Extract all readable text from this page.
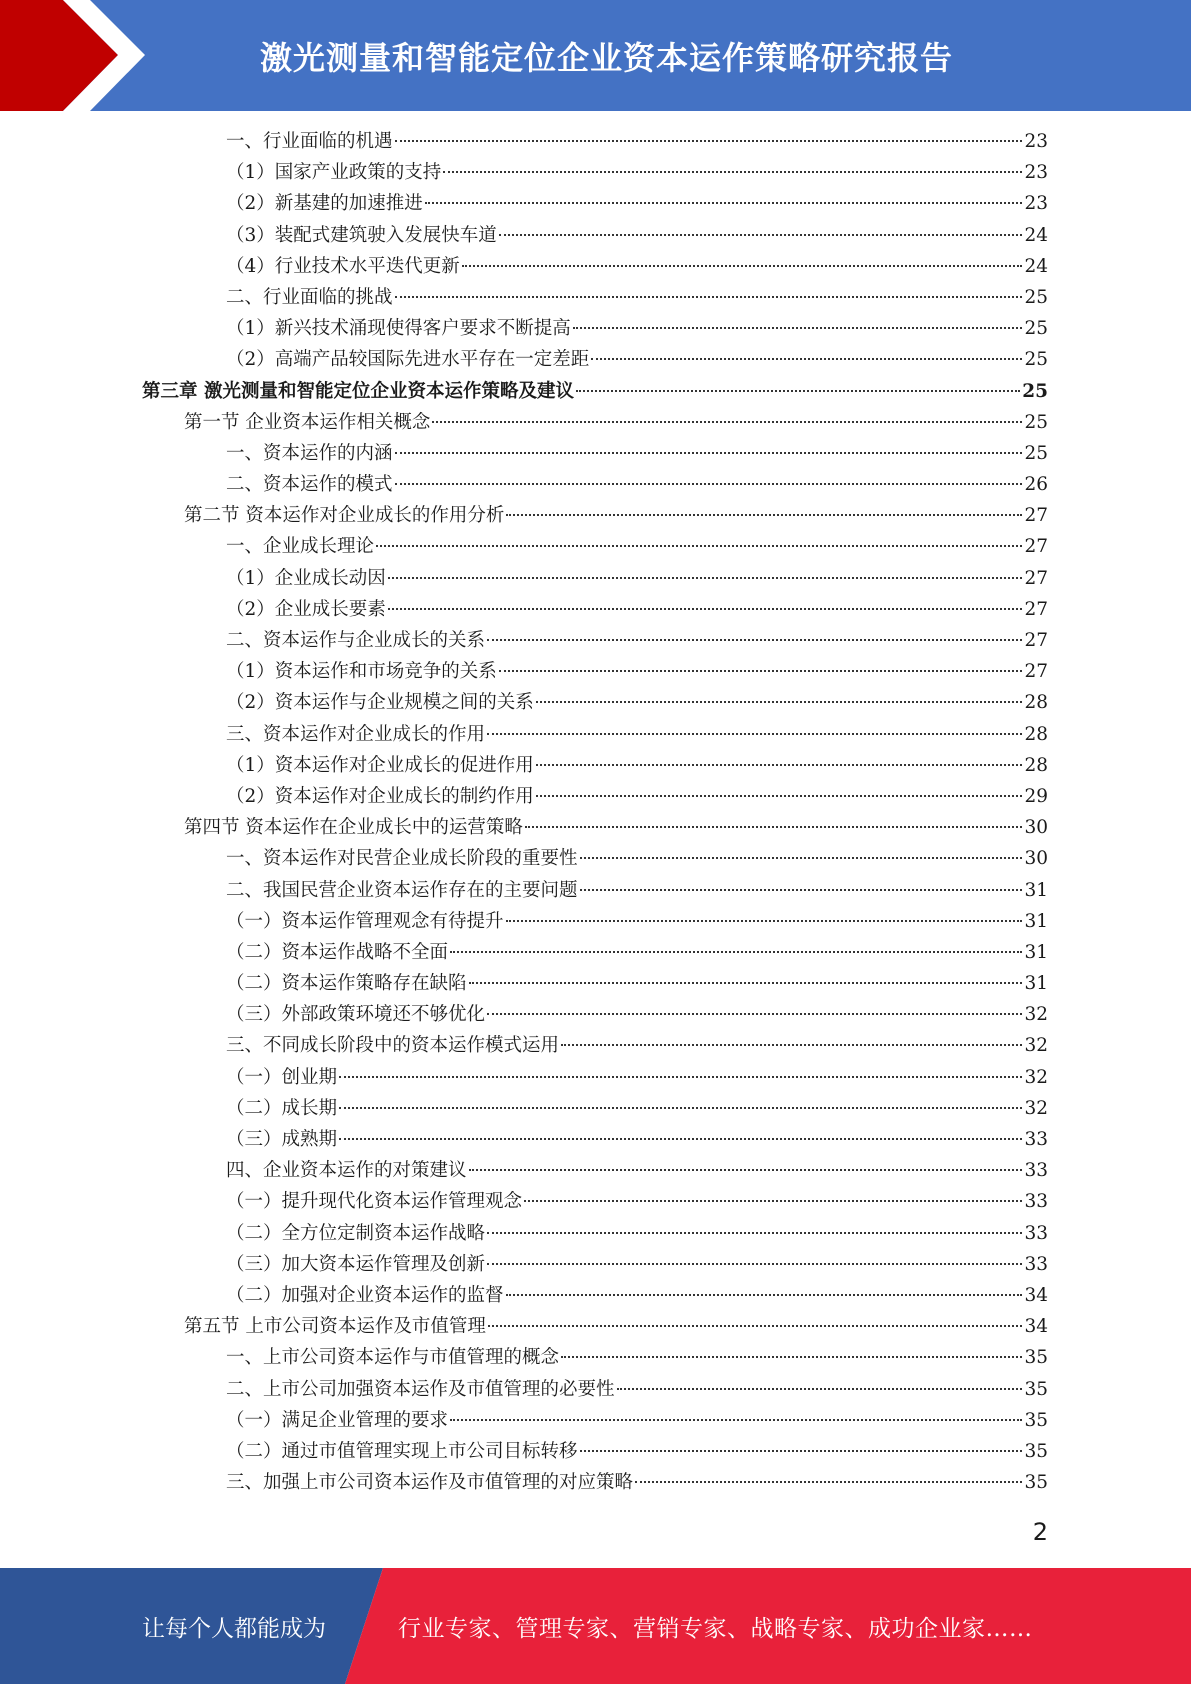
激光测量和智能定位企业资本运作策略研究报告
一、行业面临的机遇	23
（1）国家产业政策的支持	23
（2）新基建的加速推进	23
（3）装配式建筑驶入发展快车道	24
（4）行业技术水平迭代更新	24
二、行业面临的挑战	25
（1）新兴技术涌现使得客户要求不断提高	25
（2）高端产品较国际先进水平存在一定差距	25
第三章 激光测量和智能定位企业资本运作策略及建议	25
第一节 企业资本运作相关概念	25
一、资本运作的内涵	25
二、资本运作的模式	26
第二节 资本运作对企业成长的作用分析	27
一、企业成长理论	27
（1）企业成长动因	27
（2）企业成长要素	27
二、资本运作与企业成长的关系	27
（1）资本运作和市场竞争的关系	27
（2）资本运作与企业规模之间的关系	28
三、资本运作对企业成长的作用	28
（1）资本运作对企业成长的促进作用	28
（2）资本运作对企业成长的制约作用	29
第四节 资本运作在企业成长中的运营策略	30
一、资本运作对民营企业成长阶段的重要性	30
二、我国民营企业资本运作存在的主要问题	31
（一）资本运作管理观念有待提升	31
（二）资本运作战略不全面	31
（二）资本运作策略存在缺陷	31
（三）外部政策环境还不够优化	32
三、不同成长阶段中的资本运作模式运用	32
（一）创业期	32
（二）成长期	32
（三）成熟期	33
四、企业资本运作的对策建议	33
（一）提升现代化资本运作管理观念	33
（二）全方位定制资本运作战略	33
（三）加大资本运作管理及创新	33
（二）加强对企业资本运作的监督	34
第五节 上市公司资本运作及市值管理	34
一、上市公司资本运作与市值管理的概念	35
二、上市公司加强资本运作及市值管理的必要性	35
（一）满足企业管理的要求	35
（二）通过市值管理实现上市公司目标转移	35
三、加强上市公司资本运作及市值管理的对应策略	35
2
让每个人都能成为	行业专家、管理专家、营销专家、战略专家、成功企业家……
